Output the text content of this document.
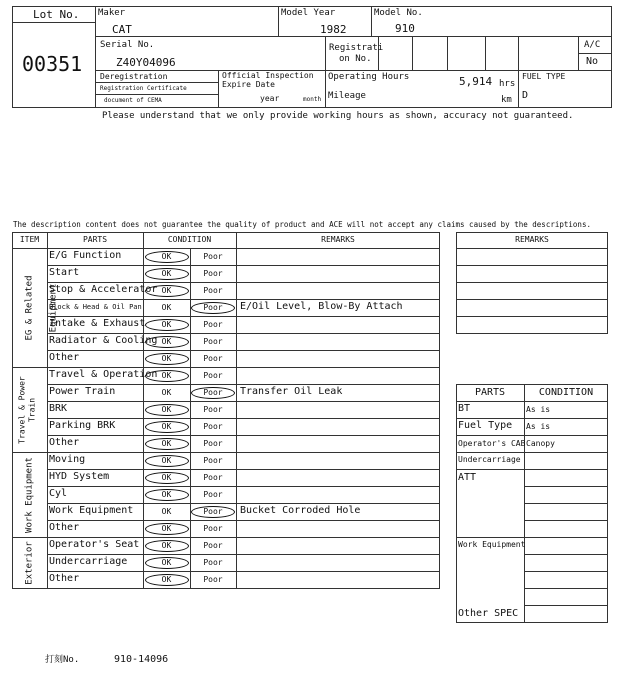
Lot No.
00351
Maker
CAT
Model Year
1982
Model No.
910
Serial No.
Z40Y04096
Registrati
on No.
A/C
No
Deregistration
Registration Certificate
document of CEMA
Official Inspection
Expire Date
year	month
Operating Hours	5,914 hrs
Mileage	km
FUEL TYPE
D
Please understand that we only provide working hours as shown, accuracy not guaranteed.
The description content does not guarantee the quality of product and ACE will not accept any claims caused by the descriptions.
ITEM	PARTS	CONDITION	REMARKS
E/G Function	OK	Poor
Start	OK	Poor
Stop & Accelerator OK	Poor
Block & Head & Oil Pan	OK	Poor	E/Oil Level, Blow-By Attach
Intake & Exhaust	OK	Poor
Radiator & Cooling OK	Poor
Other	OK	Poor
EG & Related Equipment
Travel & Operation OK	Poor
Power Train	OK	Poor	Transfer Oil Leak
BRK	OK	Poor
Parking BRK	OK	Poor
Other	OK	Poor
Travel & Power Train
Moving	OK	Poor
HYD System	OK	Poor
Cyl	OK	Poor
Work Equipment	OK	Poor	Bucket Corroded Hole
Other	OK	Poor
Work Equipment
Operator's Seat	OK	Poor
Undercarriage	OK	Poor
Other	OK	Poor
Exterior
REMARKS
PARTS	CONDITION
BT	As is
Fuel Type As is
Operator's CAB Canopy
Undercarriage
ATT
Work Equipment
Other SPEC
打刻No.	910-14096
